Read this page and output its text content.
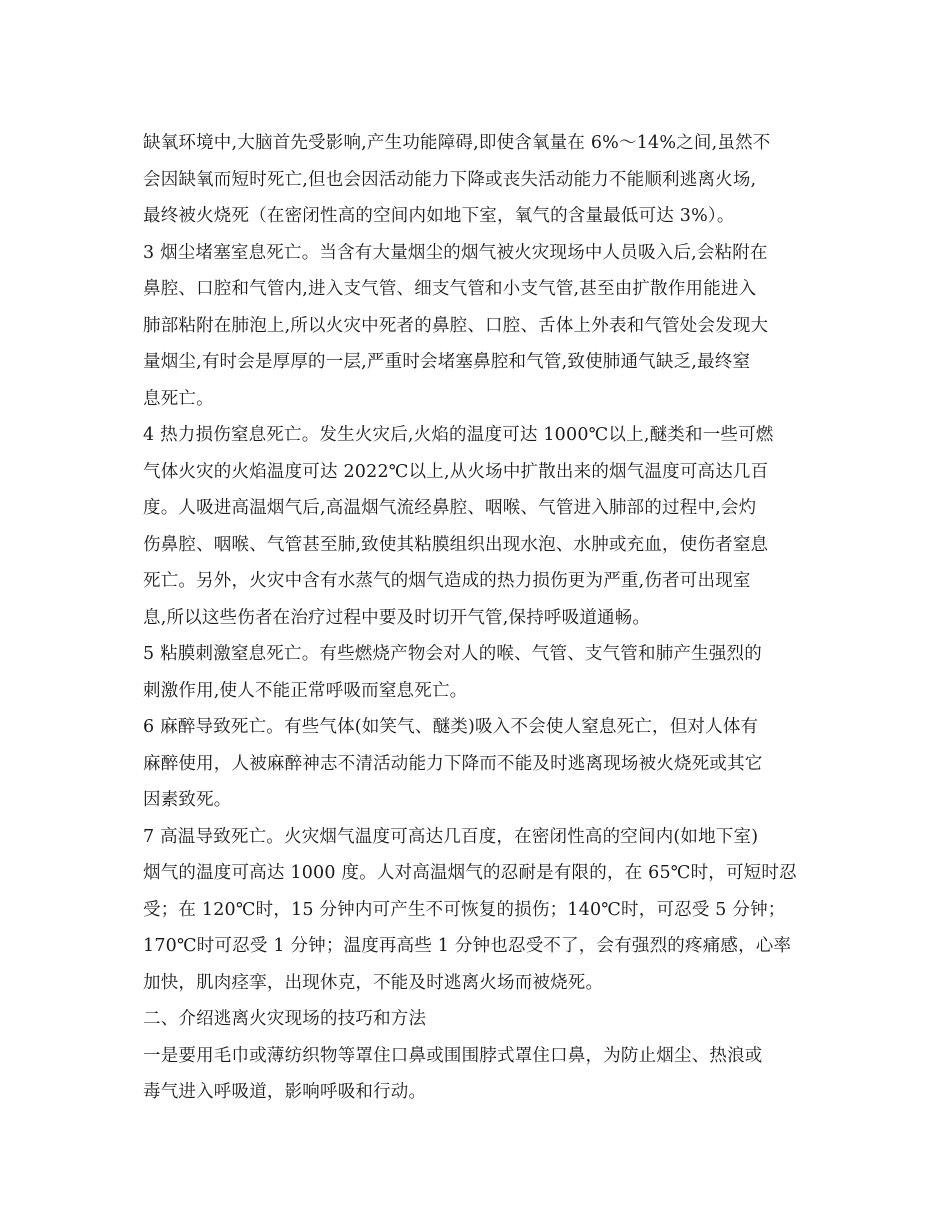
缺氧环境中,大脑首先受影响,产生功能障碍,即使含氧量在 6%～14%之间,虽然不
会因缺氧而短时死亡,但也会因活动能力下降或丧失活动能力不能顺利逃离火场,
最终被火烧死（在密闭性高的空间内如地下室，氧气的含量最低可达 3%）。
3 烟尘堵塞室息死亡。当含有大量烟尘的烟气被火灾现场中人员吸入后,会粘附在
鼻腔、口腔和气管内,进入支气管、细支气管和小支气管,甚至由扩散作用能进入
肺部粘附在肺泡上,所以火灾中死者的鼻腔、口腔、舌体上外表和气管处会发现大
量烟尘,有时会是厚厚的一层,严重时会堵塞鼻腔和气管,致使肺通气缺乏,最终窒
息死亡。
4 热力损伤窒息死亡。发生火灾后,火焰的温度可达 1000℃以上,醚类和一些可燃
气体火灾的火焰温度可达 2022℃以上,从火场中扩散出来的烟气温度可高达几百
度。人吸进高温烟气后,高温烟气流经鼻腔、咽喉、气管进入肺部的过程中,会灼
伤鼻腔、咽喉、气管甚至肺,致使其粘膜组织出现水泡、水肿或充血，使伤者窒息
死亡。另外，火灾中含有水蒸气的烟气造成的热力损伤更为严重,伤者可出现室
息,所以这些伤者在治疗过程中要及时切开气管,保持呼吸道通畅。
5 粘膜刺激窒息死亡。有些燃烧产物会对人的喉、气管、支气管和肺产生强烈的
刺激作用,使人不能正常呼吸而窒息死亡。
6 麻醉导致死亡。有些气体(如笑气、醚类)吸入不会使人窒息死亡，但对人体有
麻醉使用，人被麻醉神志不清活动能力下降而不能及时逃离现场被火烧死或其它
因素致死。
7 高温导致死亡。火灾烟气温度可高达几百度，在密闭性高的空间内(如地下室)
烟气的温度可高达 1000 度。人对高温烟气的忍耐是有限的，在 65℃时，可短时忍
受；在 120℃时，15 分钟内可产生不可恢复的损伤；140℃时，可忍受 5 分钟；
170℃时可忍受 1 分钟；温度再高些 1 分钟也忍受不了，会有强烈的疼痛感，心率
加快，肌肉痉挛，出现休克，不能及时逃离火场而被烧死。
二、介绍逃离火灾现场的技巧和方法
一是要用毛巾或薄纺织物等罩住口鼻或围围脖式罩住口鼻，为防止烟尘、热浪或
毒气进入呼吸道，影响呼吸和行动。
